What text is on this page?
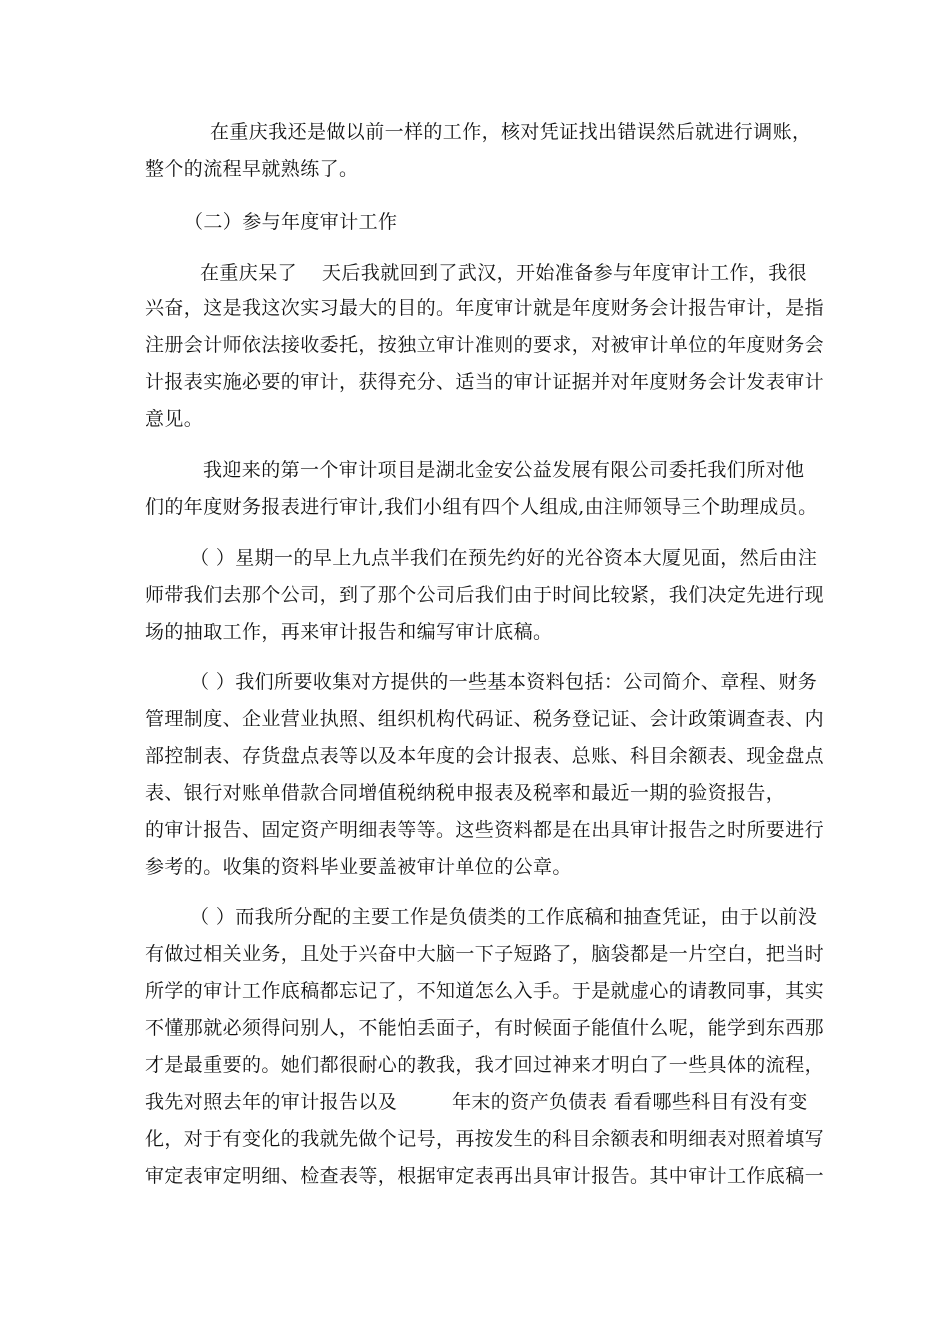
在重庆我还是做以前一样的工作，核对凭证找出错误然后就进行调账，
整个的流程早就熟练了。
（二）参与年度审计工作
在重庆呆了 天后我就回到了武汉，开始准备参与年度审计工作，我很
兴奋，这是我这次实习最大的目的。年度审计就是年度财务会计报告审计，是指
注册会计师依法接收委托，按独立审计准则的要求，对被审计单位的年度财务会
计报表实施必要的审计，获得充分、适当的审计证据并对年度财务会计发表审计
意见。
我迎来的第一个审计项目是湖北金安公益发展有限公司委托我们所对他
们的年度财务报表进行审计,我们小组有四个人组成,由注师领导三个助理成员。
（ ）星期一的早上九点半我们在预先约好的光谷资本大厦见面，然后由注
师带我们去那个公司，到了那个公司后我们由于时间比较紧，我们决定先进行现
场的抽取工作，再来审计报告和编写审计底稿。
（ ）我们所要收集对方提供的一些基本资料包括：公司简介、章程、财务
管理制度、企业营业执照、组织机构代码证、税务登记证、会计政策调查表、内
部控制表、存货盘点表等以及本年度的会计报表、总账、科目余额表、现金盘点
表、银行对账单借款合同增值税纳税申报表及税率和最近一期的验资报告，
的审计报告、固定资产明细表等等。这些资料都是在出具审计报告之时所要进行
参考的。收集的资料毕业要盖被审计单位的公章。
（ ）而我所分配的主要工作是负债类的工作底稿和抽查凭证，由于以前没
有做过相关业务，且处于兴奋中大脑一下子短路了，脑袋都是一片空白，把当时
所学的审计工作底稿都忘记了，不知道怎么入手。于是就虚心的请教同事，其实
不懂那就必须得问别人，不能怕丢面子，有时候面子能值什么呢，能学到东西那
才是最重要的。她们都很耐心的教我，我才回过神来才明白了一些具体的流程，
我先对照去年的审计报告以及	年末的资产负债表 看看哪些科目有没有变
化，对于有变化的我就先做个记号，再按发生的科目余额表和明细表对照着填写
审定表审定明细、检查表等，根据审定表再出具审计报告。其中审计工作底稿一
